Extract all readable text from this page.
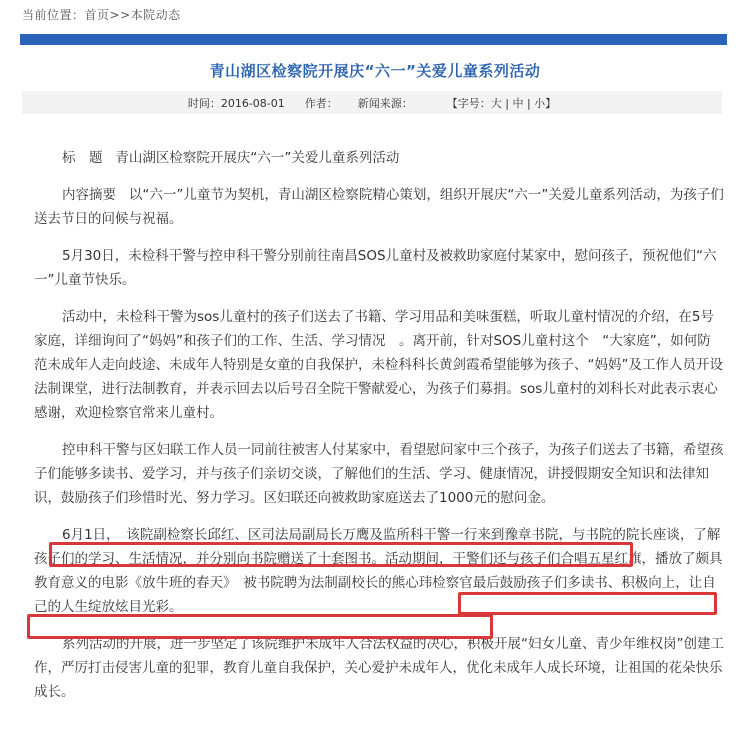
当前位置：首页>>本院动态
青山湖区检察院开展庆“六一”关爱儿童系列活动
时间：2016-08-01 作者： 新闻来源：	【字号：大 | 中 | 小】

标　题 青山湖区检察院开展庆“六一”关爱儿童系列活动

内容摘要 以“六一”儿童节为契机，青山湖区检察院精心策划，组织开展庆“六一”关爱儿童系列活动，为孩子们送去节日的问候与祝福。

5月30日，未检科干警与控申科干警分别前往南昌SOS儿童村及被救助家庭付某家中，慰问孩子，预祝他们“六一”儿童节快乐。

活动中，未检科干警为sos儿童村的孩子们送去了书籍、学习用品和美味蛋糕，听取儿童村情况的介绍，在5号家庭，详细询问了“妈妈”和孩子们的工作、生活、学习情况　。离开前，针对SOS儿童村这个　“大家庭”，如何防范未成年人走向歧途、未成年人特别是女童的自我保护，未检科科长黄剑霞希望能够为孩子、“妈妈”及工作人员开设法制课堂，进行法制教育，并表示回去以后号召全院干警献爱心，为孩子们募捐。sos儿童村的刘科长对此表示衷心感谢，欢迎检察官常来儿童村。

控申科干警与区妇联工作人员一同前往被害人付某家中，看望慰问家中三个孩子，为孩子们送去了书籍，希望孩子们能够多读书、爱学习，并与孩子们亲切交谈，了解他们的生活、学习、健康情况，讲授假期安全知识和法律知识，鼓励孩子们珍惜时光、努力学习。区妇联还向被救助家庭送去了1000元的慰问金。

6月1日，　该院副检察长邱红、区司法局副局长万鹰及监所科干警一行来到豫章书院，与书院的院长座谈，了解孩子们的学习、生活情况，并分别向书院赠送了十套图书。活动期间，干警们还与孩子们合唱五星红旗，播放了颇具教育意义的电影《放牛班的春天》　被书院聘为法制副校长的熊心玮检察官最后鼓励孩子们多读书、积极向上，让自己的人生绽放炫目光彩。

系列活动的开展，进一步坚定了该院维护未成年人合法权益的决心，积极开展“妇女儿童、青少年维权岗”创建工作，严厉打击侵害儿童的犯罪，教育儿童自我保护，关心爱护未成年人，优化未成年人成长环境，让祖国的花朵快乐成长。
